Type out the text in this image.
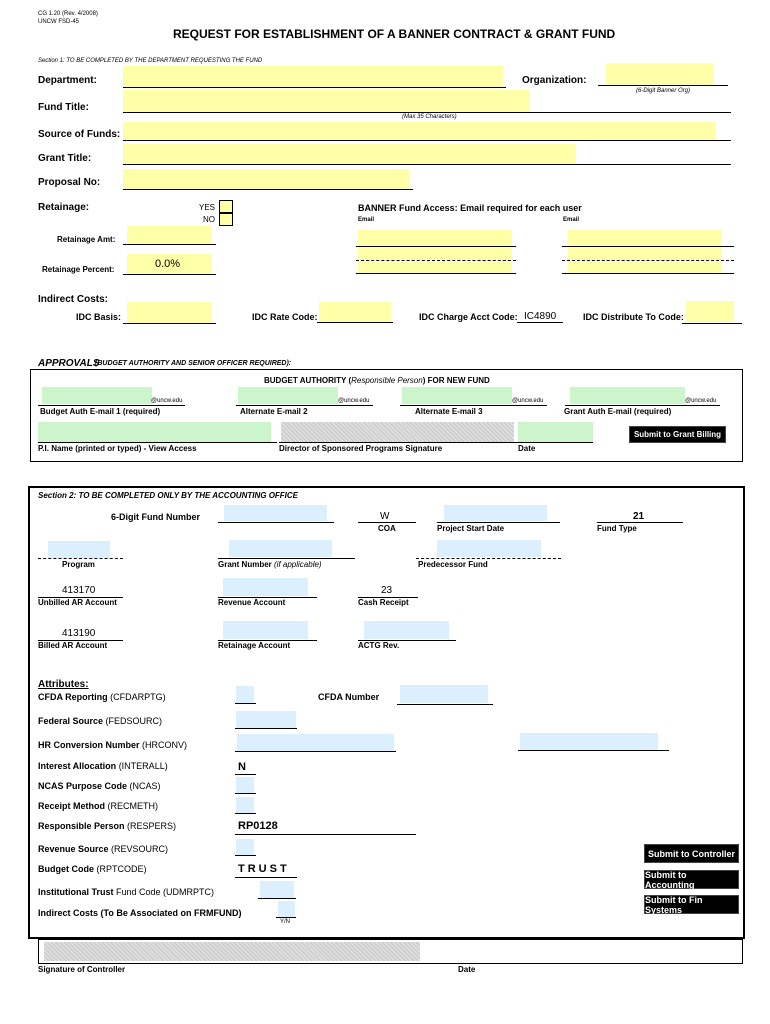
CG 1.20 (Rev. 4/2008)
UNCW FSD-45
REQUEST FOR ESTABLISHMENT OF A BANNER CONTRACT & GRANT FUND
Section 1: TO BE COMPLETED BY THE DEPARTMENT REQUESTING THE FUND
Department:	Organization:
(6-Digit Banner Org)
Fund Title:
(Max 35 Characters)
Source of Funds:
Grant Title:
Proposal No:
Retainage:	YES
NO
BANNER Fund Access: Email required for each user
Email	Email
Retainage Amt:
Retainage Percent:	0.0%
Indirect Costs:
IDC Basis:	IDC Rate Code:	IDC Charge Acct Code: IC4890	IDC Distribute To Code:
APPROVALS
(BUDGET AUTHORITY AND SENIOR OFFICER REQUIRED):
BUDGET AUTHORITY (Responsible Person) FOR NEW FUND
@uncw.edu
Budget Auth E-mail 1 (required)
@uncw.edu
Alternate E-mail 2
@uncw.edu
Alternate E-mail 3
@uncw.edu
Grant Auth E-mail (required)
P.I. Name (printed or typed) - View Access	Director of Sponsored Programs Signature	Date
Submit to Grant Billing
Section 2: TO BE COMPLETED ONLY BY THE ACCOUNTING OFFICE
6-Digit Fund Number	W
COA	Project Start Date
21
Fund Type
Program	Grant Number (if applicable)	Predecessor Fund
413170
Unbilled AR Account	Revenue Account
23
Cash Receipt
413190
Billed AR Account	Retainage Account	ACTG Rev.
Attributes:
CFDA Reporting (CFDARPTG)	CFDA Number
Federal Source (FEDSOURC)
HR Conversion Number (HRCONV)
Interest Allocation (INTERALL)	N
NCAS Purpose Code (NCAS)
Receipt Method (RECMETH)
Responsible Person (RESPERS)	RP0128
Revenue Source (REVSOURC)
Budget Code (RPTCODE)	TRUST
Institutional Trust Fund Code (UDMRPTC)
Indirect Costs (To Be Associated on FRMFUND)
Y/N
Submit to Controller
Submit to Accounting
Submit to Fin Systems
Signature of Controller	Date
